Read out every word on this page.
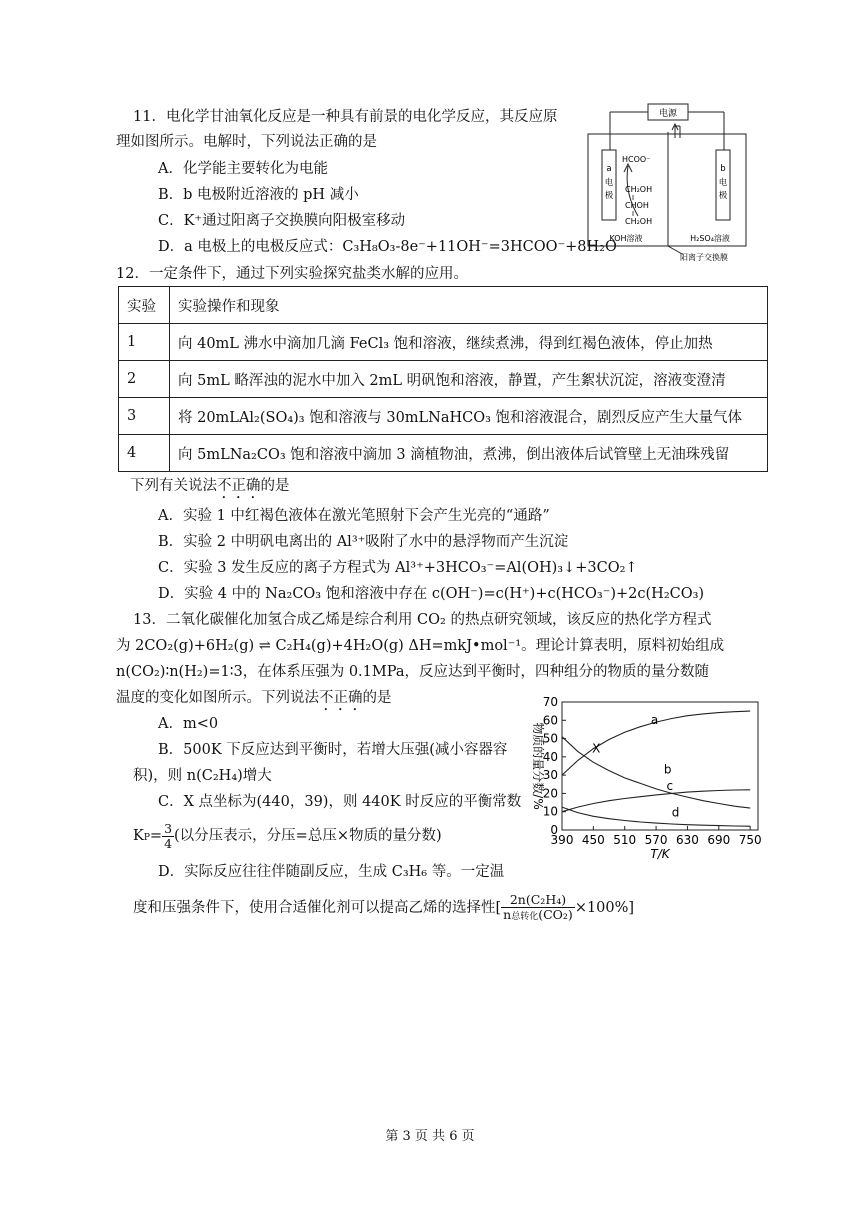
11．电化学甘油氧化反应是一种具有前景的电化学反应，其反应原
理如图所示。电解时，下列说法正确的是
A．化学能主要转化为电能
B．b 电极附近溶液的 pH 减小
C．K⁺通过阳离子交换膜向阳极室移动
D．a 电极上的电极反应式：C₃H₈O₃-8e⁻+11OH⁻=3HCOO⁻+8H₂O
电源
a
电
极
b
电
极
HCOO⁻
CH₂OH
CHOH
CH₂OH
KOH溶液	H₂SO₄溶液
阳离子交换膜
12．一定条件下，通过下列实验探究盐类水解的应用。
实验	实验操作和现象
1	向 40mL 沸水中滴加几滴 FeCl₃ 饱和溶液，继续煮沸，得到红褐色液体，停止加热
2	向 5mL 略浑浊的泥水中加入 2mL 明矾饱和溶液，静置，产生絮状沉淀，溶液变澄清
3	将 20mLAl₂(SO₄)₃ 饱和溶液与 30mLNaHCO₃ 饱和溶液混合，剧烈反应产生大量气体
4	向 5mLNa₂CO₃ 饱和溶液中滴加 3 滴植物油，煮沸，倒出液体后试管壁上无油珠残留
下列有关说法不正确的是
A．实验 1 中红褐色液体在激光笔照射下会产生光亮的“通路”
B．实验 2 中明矾电离出的 Al³⁺吸附了水中的悬浮物而产生沉淀
C．实验 3 发生反应的离子方程式为 Al³⁺+3HCO₃⁻=Al(OH)₃↓+3CO₂↑
D．实验 4 中的 Na₂CO₃ 饱和溶液中存在 c(OH⁻)=c(H⁺)+c(HCO₃⁻)+2c(H₂CO₃)
13．二氧化碳催化加氢合成乙烯是综合利用 CO₂ 的热点研究领域，该反应的热化学方程式
为 2CO₂(g)+6H₂(g) ⇌ C₂H₄(g)+4H₂O(g) ΔH=mkJ•mol⁻¹。理论计算表明，原料初始组成
n(CO₂)∶n(H₂)=1∶3，在体系压强为 0.1MPa，反应达到平衡时，四种组分的物质的量分数随
温度的变化如图所示。下列说法不正确的是
A．m<0
B．500K 下反应达到平衡时，若增大压强(减小容器容
积)，则 n(C₂H₄)增大
C．X 点坐标为(440，39)，则 440K 时反应的平衡常数
$KP= \frac{3}{4}$ (以分压表示，分压=总压×物质的量分数)
D．实际反应往往伴随副反应，生成 C₃H₆ 等。一定温
度和压强条件下，使用合适催化剂可以提高乙烯的选择性[ $\frac{\text{2n(C₂H₄)}}{\text{n总转化(CO₂)}} \times 100\%$]
0
10
20
30
40
50
60
70
390 450 510 570 630 690 750
T/K
物质的量分数/%
a
b
c
d
X
第 3 页 共 6 页
